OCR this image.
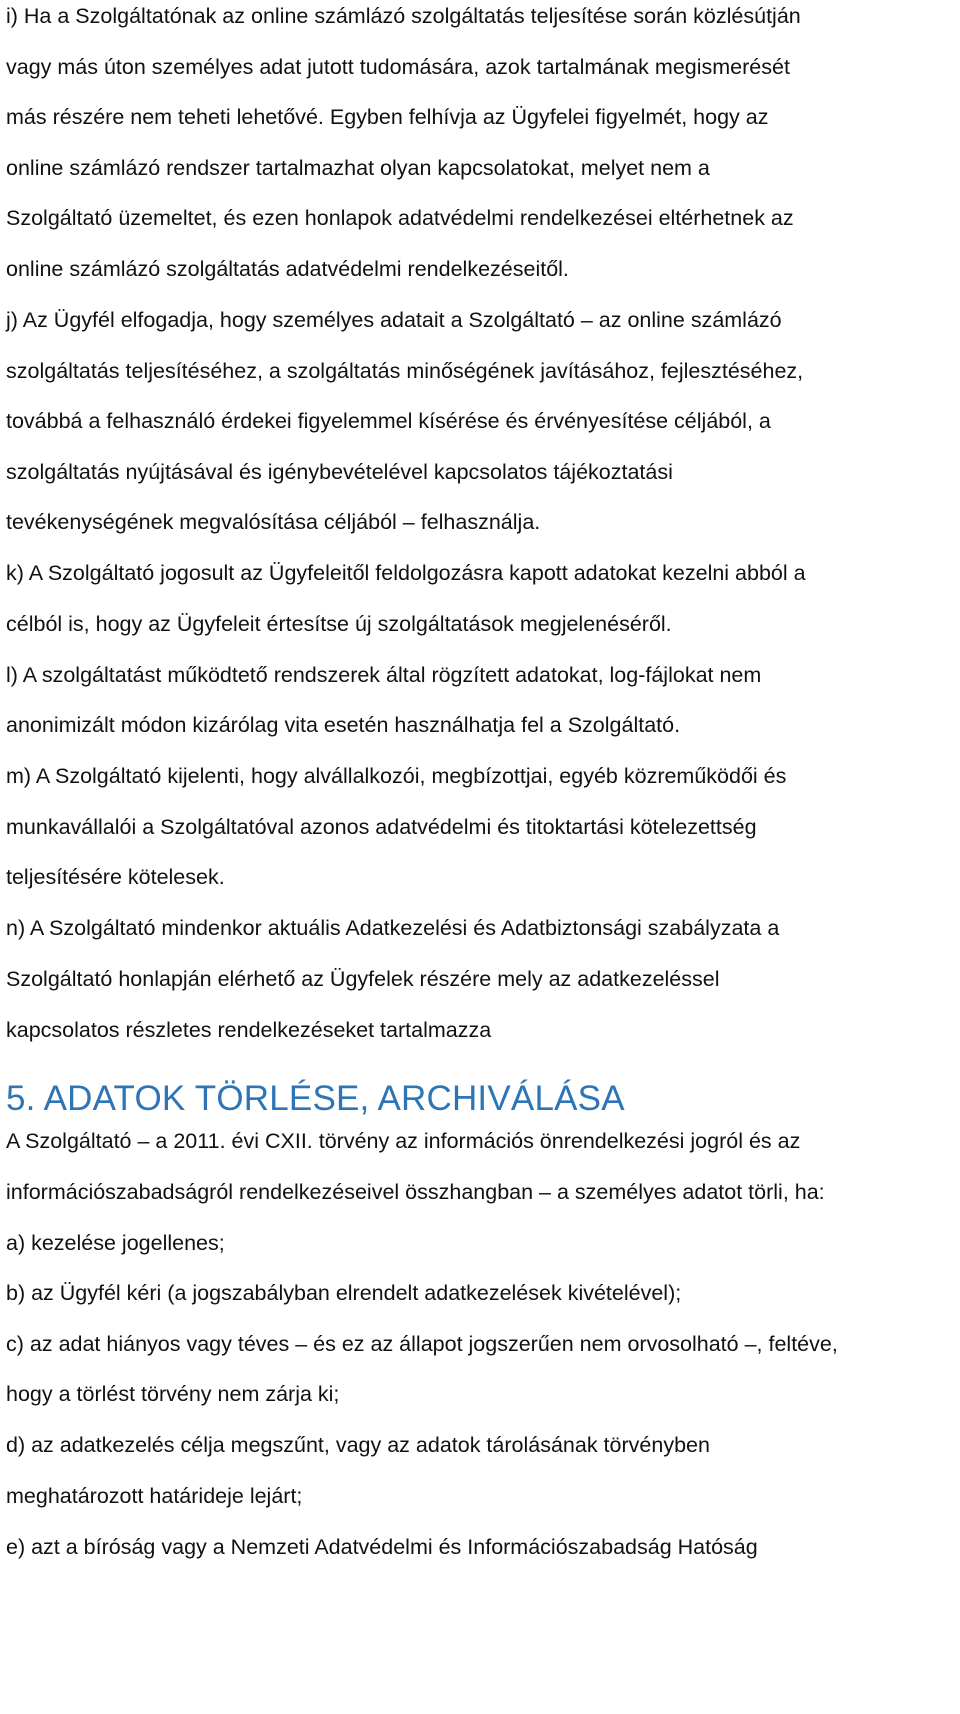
i) Ha a Szolgáltatónak az online számlázó szolgáltatás teljesítése során közlésútján
vagy más úton személyes adat jutott tudomására, azok tartalmának megismerését
más részére nem teheti lehetővé. Egyben felhívja az Ügyfelei figyelmét, hogy az
online számlázó rendszer tartalmazhat olyan kapcsolatokat, melyet nem a
Szolgáltató üzemeltet, és ezen honlapok adatvédelmi rendelkezései eltérhetnek az
online számlázó szolgáltatás adatvédelmi rendelkezéseitől.
j) Az Ügyfél elfogadja, hogy személyes adatait a Szolgáltató – az online számlázó
szolgáltatás teljesítéséhez, a szolgáltatás minőségének javításához, fejlesztéséhez,
továbbá a felhasználó érdekei figyelemmel kísérése és érvényesítése céljából, a
szolgáltatás nyújtásával és igénybevételével kapcsolatos tájékoztatási
tevékenységének megvalósítása céljából – felhasználja.
k) A Szolgáltató jogosult az Ügyfeleitől feldolgozásra kapott adatokat kezelni abból a
célból is, hogy az Ügyfeleit értesítse új szolgáltatások megjelenéséről.
l) A szolgáltatást működtető rendszerek által rögzített adatokat, log-fájlokat nem
anonimizált módon kizárólag vita esetén használhatja fel a Szolgáltató.
m) A Szolgáltató kijelenti, hogy alvállalkozói, megbízottjai, egyéb közreműködői és
munkavállalói a Szolgáltatóval azonos adatvédelmi és titoktartási kötelezettség
teljesítésére kötelesek.
n) A Szolgáltató mindenkor aktuális Adatkezelési és Adatbiztonsági szabályzata a
Szolgáltató honlapján elérhető az Ügyfelek részére mely az adatkezeléssel
kapcsolatos részletes rendelkezéseket tartalmazza
5. ADATOK TÖRLÉSE, ARCHIVÁLÁSA
A Szolgáltató – a 2011. évi CXII. törvény az információs önrendelkezési jogról és az
információszabadságról rendelkezéseivel összhangban – a személyes adatot törli, ha:
a) kezelése jogellenes;
b) az Ügyfél kéri (a jogszabályban elrendelt adatkezelések kivételével);
c) az adat hiányos vagy téves – és ez az állapot jogszerűen nem orvosolható –, feltéve,
hogy a törlést törvény nem zárja ki;
d) az adatkezelés célja megszűnt, vagy az adatok tárolásának törvényben
meghatározott határideje lejárt;
e) azt a bíróság vagy a Nemzeti Adatvédelmi és Információszabadság Hatóság
